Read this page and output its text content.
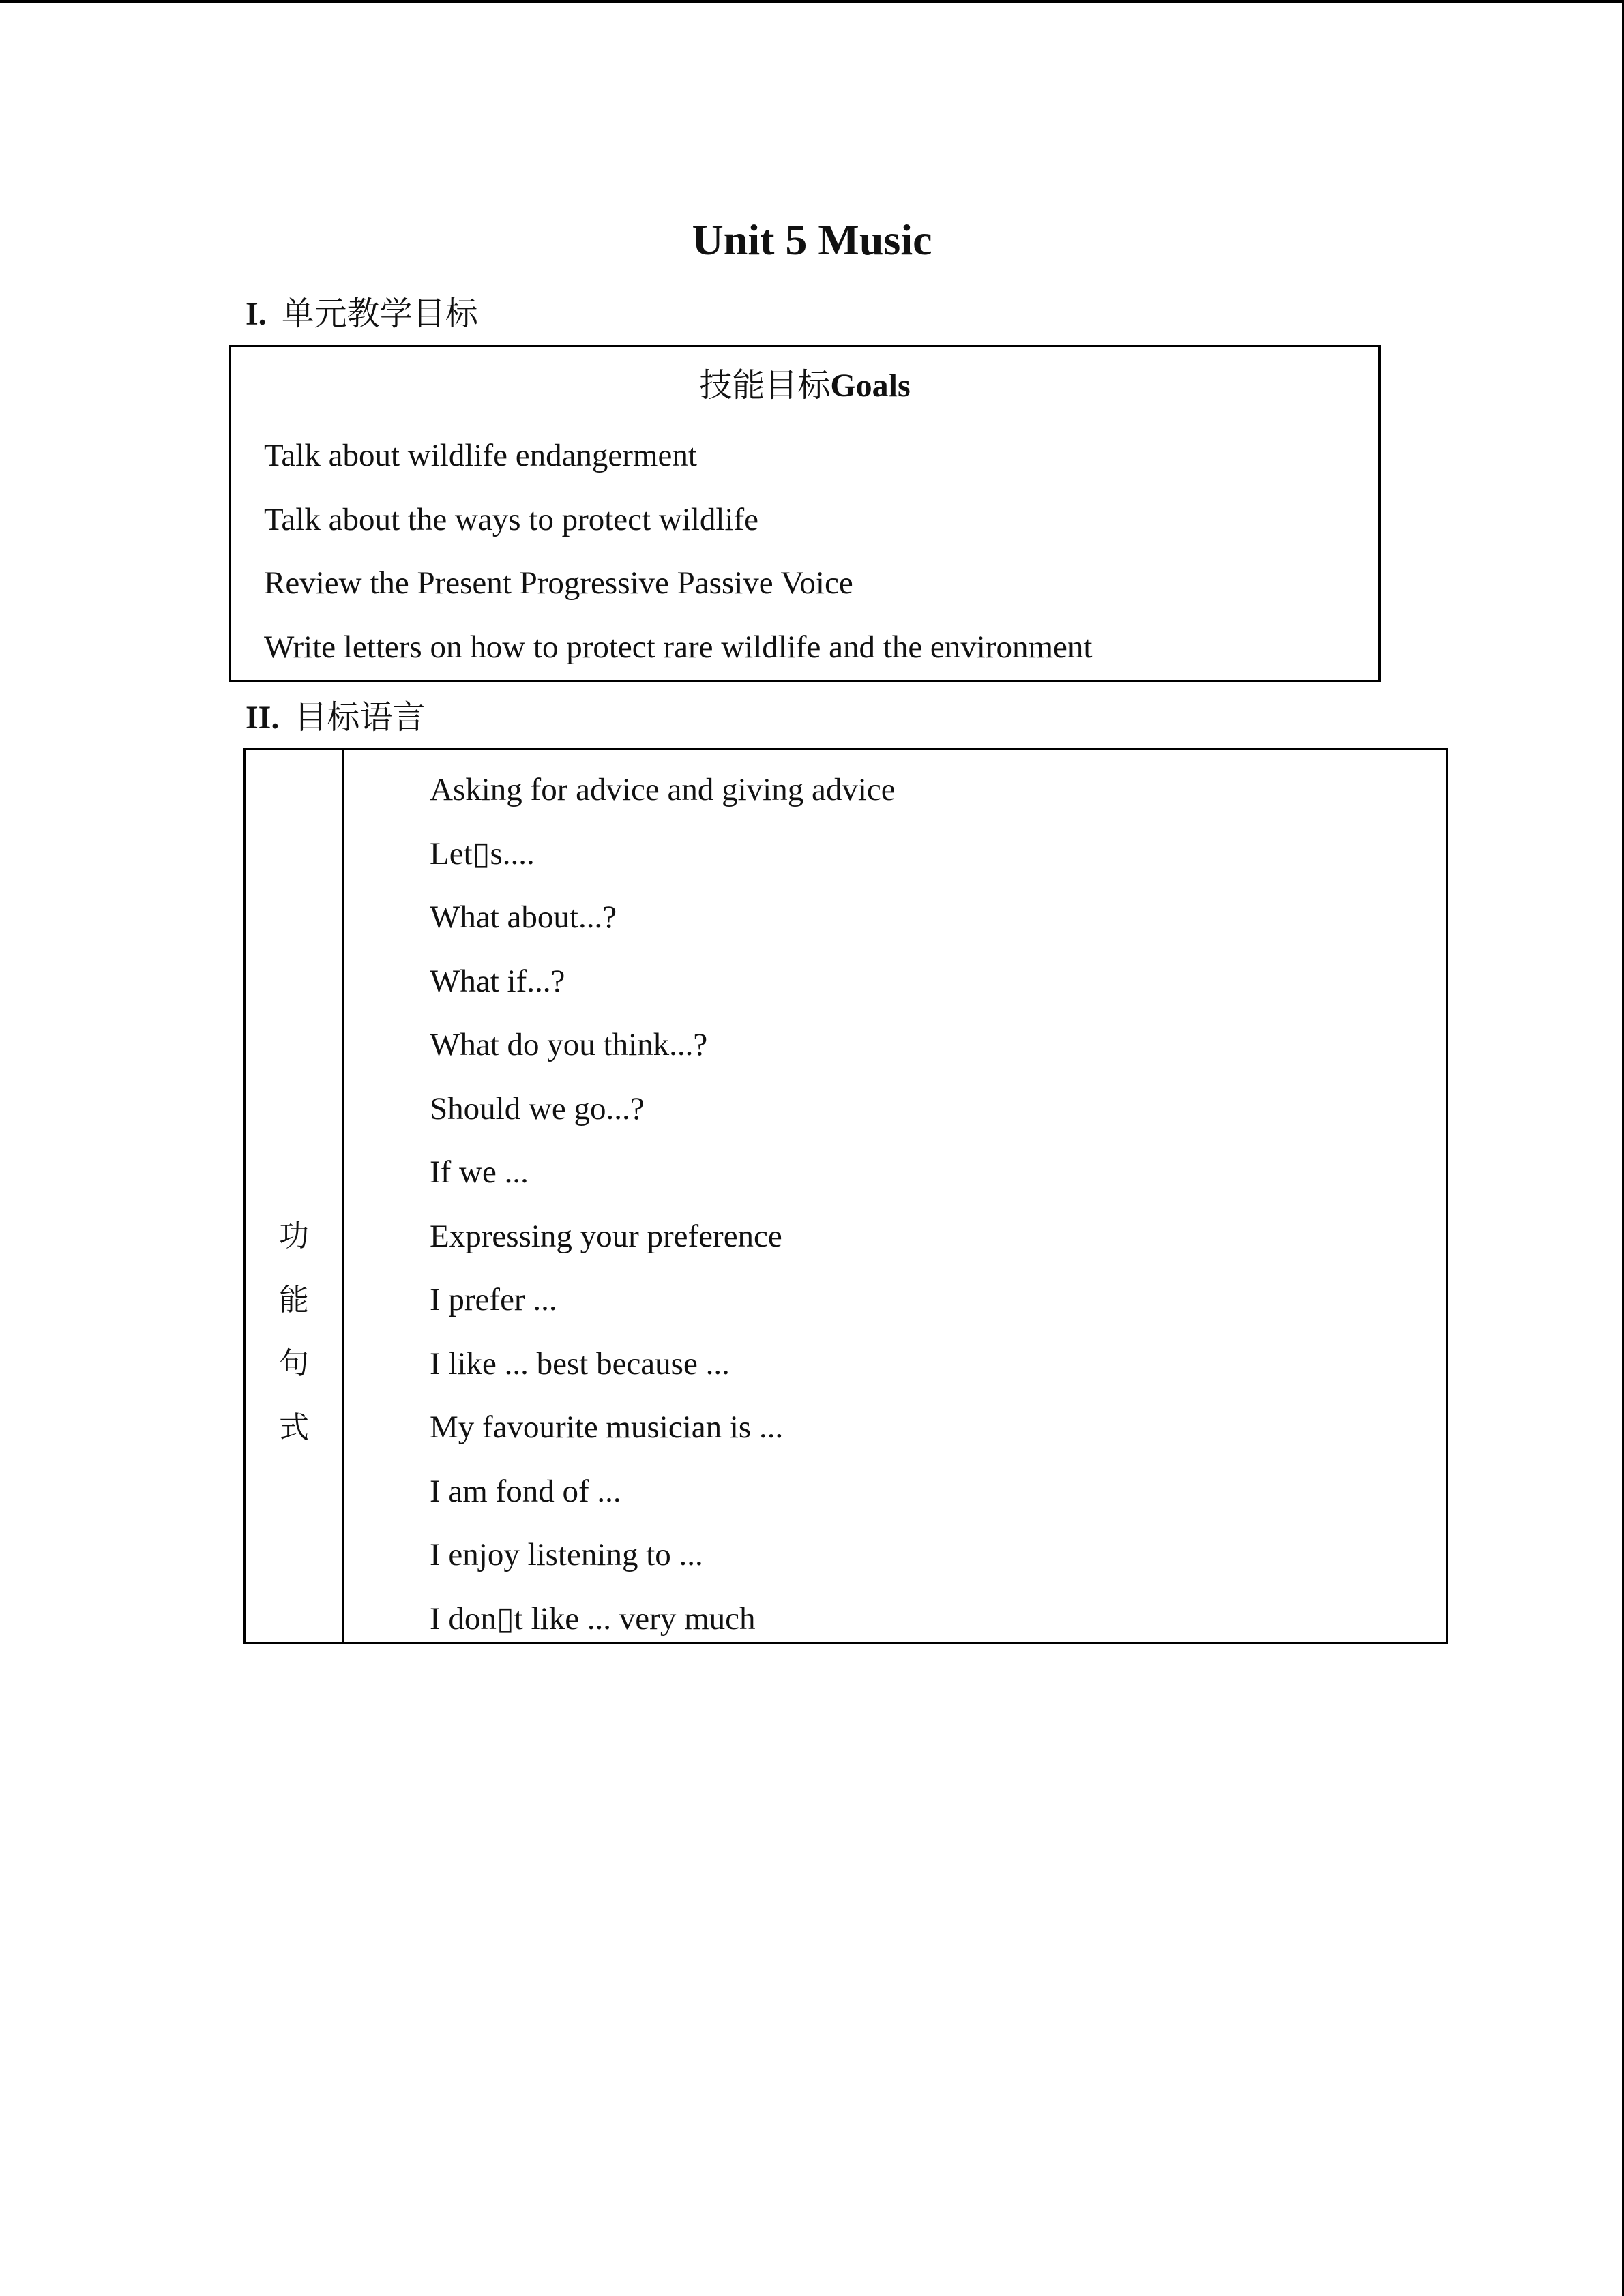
Unit 5 Music
I. 单元教学目标
技能目标Goals
Talk about wildlife endangerment
Talk about the ways to protect wildlife
Review the Present Progressive Passive Voice
Write letters on how to protect rare wildlife and the environment
II. 目标语言
功
能
句
式
Asking for advice and giving advice
Let▯s....
What about...?
What if...?
What do you think...?
Should we go...?
If we ...
Expressing your preference
I prefer ...
I like ... best because ...
My favourite musician is ...
I am fond of ...
I enjoy listening to ...
I don▯t like ... very much
